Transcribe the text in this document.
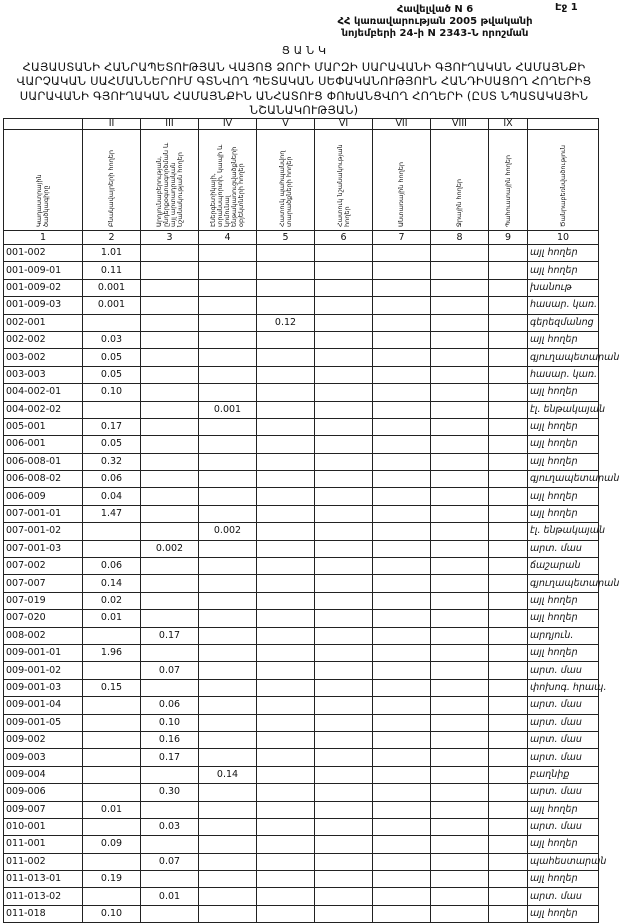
Էջ 1
Հավելված N 6
ՀՀ կառավարության 2005 թվականի
նոյեմբերի 24-ի N 2343-Ն որոշման
Ց Ա Ն Կ
ՀԱՅԱՍՏԱՆԻ ՀԱՆՐԱՊԵՏՈՒԹՅԱՆ ՎԱՅՈՑ ՁՈՐԻ ՄԱՐԶԻ ՍԱՐԱՎԱՆԻ ԳՅՈՒՂԱԿԱՆ ՀԱՄԱՅՆՔԻ
ՎԱՐՉԱԿԱՆ ՍԱՀՄԱՆՆԵՐՈՒՄ ԳՏՆՎՈՂ ՊԵՏԱԿԱՆ ՍԵՓԱԿԱՆՈՒԹՅՈՒՆ ՀԱՆԴԻՍԱՑՈՂ ՀՈՂԵՐԻՑ
ՍԱՐԱՎԱՆԻ ԳՅՈՒՂԱԿԱՆ ՀԱՄԱՅՆՔԻՆ ԱՆՀԱՏՈՒՑ ՓՈԽԱՆՑՎՈՂ ՀՈՂԵՐԻ (ԸՍՏ ՆՊԱՏԱԿԱՅԻՆ
ՆՇԱՆԱԿՈՒԹՅԱՆ)
	II	III	IV	V	VI	VII	VIII	IX	
Կադաստրային ծածկագիրը	Բնակավայրերի հողեր	Արդյունաբերության, ընդերքօգտագործման և այլ արտադրական նշանակության հողեր	Էներգետիկայի, տրանսպորտի, կապի և կոմունալ ենթակառուցվածքների օբյեկտների հողեր	Հատուկ պահպանվող տարածքների հողեր	Հատուկ նշանակության հողեր	Անտառային հողեր	Ջրային հողեր	Պահուստային հողեր	Ծանրաբեռնվածություն
1	2	3	4	5	6	7	8	9	10
001-002	1.01								այլ հողեր
001-009-01	0.11								այլ հողեր
001-009-02	0.001								խանութ
001-009-03	0.001								հասար. կառ.
002-001				0.12					գերեզմանոց
002-002	0.03								այլ հողեր
003-002	0.05								գյուղապետարան
003-003	0.05								հասար. կառ.
004-002-01	0.10								այլ հողեր
004-002-02			0.001						էլ. ենթակայան
005-001	0.17								այլ հողեր
006-001	0.05								այլ հողեր
006-008-01	0.32								այլ հողեր
006-008-02	0.06								գյուղապետարան
006-009	0.04								այլ հողեր
007-001-01	1.47								այլ հողեր
007-001-02			0.002						էլ. ենթակայան
007-001-03		0.002							արտ. մաս
007-002	0.06								ճաշարան
007-007	0.14								գյուղապետարան
007-019	0.02								այլ հողեր
007-020	0.01								այլ հողեր
008-002		0.17							արդյուն.
009-001-01	1.96								այլ հողեր
009-001-02		0.07							արտ. մաս
009-001-03	0.15								փոխոգ. հրապ.
009-001-04		0.06							արտ. մաս
009-001-05		0.10							արտ. մաս
009-002		0.16							արտ. մաս
009-003		0.17							արտ. մաս
009-004			0.14						բաղնիք
009-006		0.30							արտ. մաս
009-007	0.01								այլ հողեր
010-001		0.03							արտ. մաս
011-001	0.09								այլ հողեր
011-002		0.07							պահեստարան
011-013-01	0.19								այլ հողեր
011-013-02		0.01							արտ. մաս
011-018	0.10								այլ հողեր
